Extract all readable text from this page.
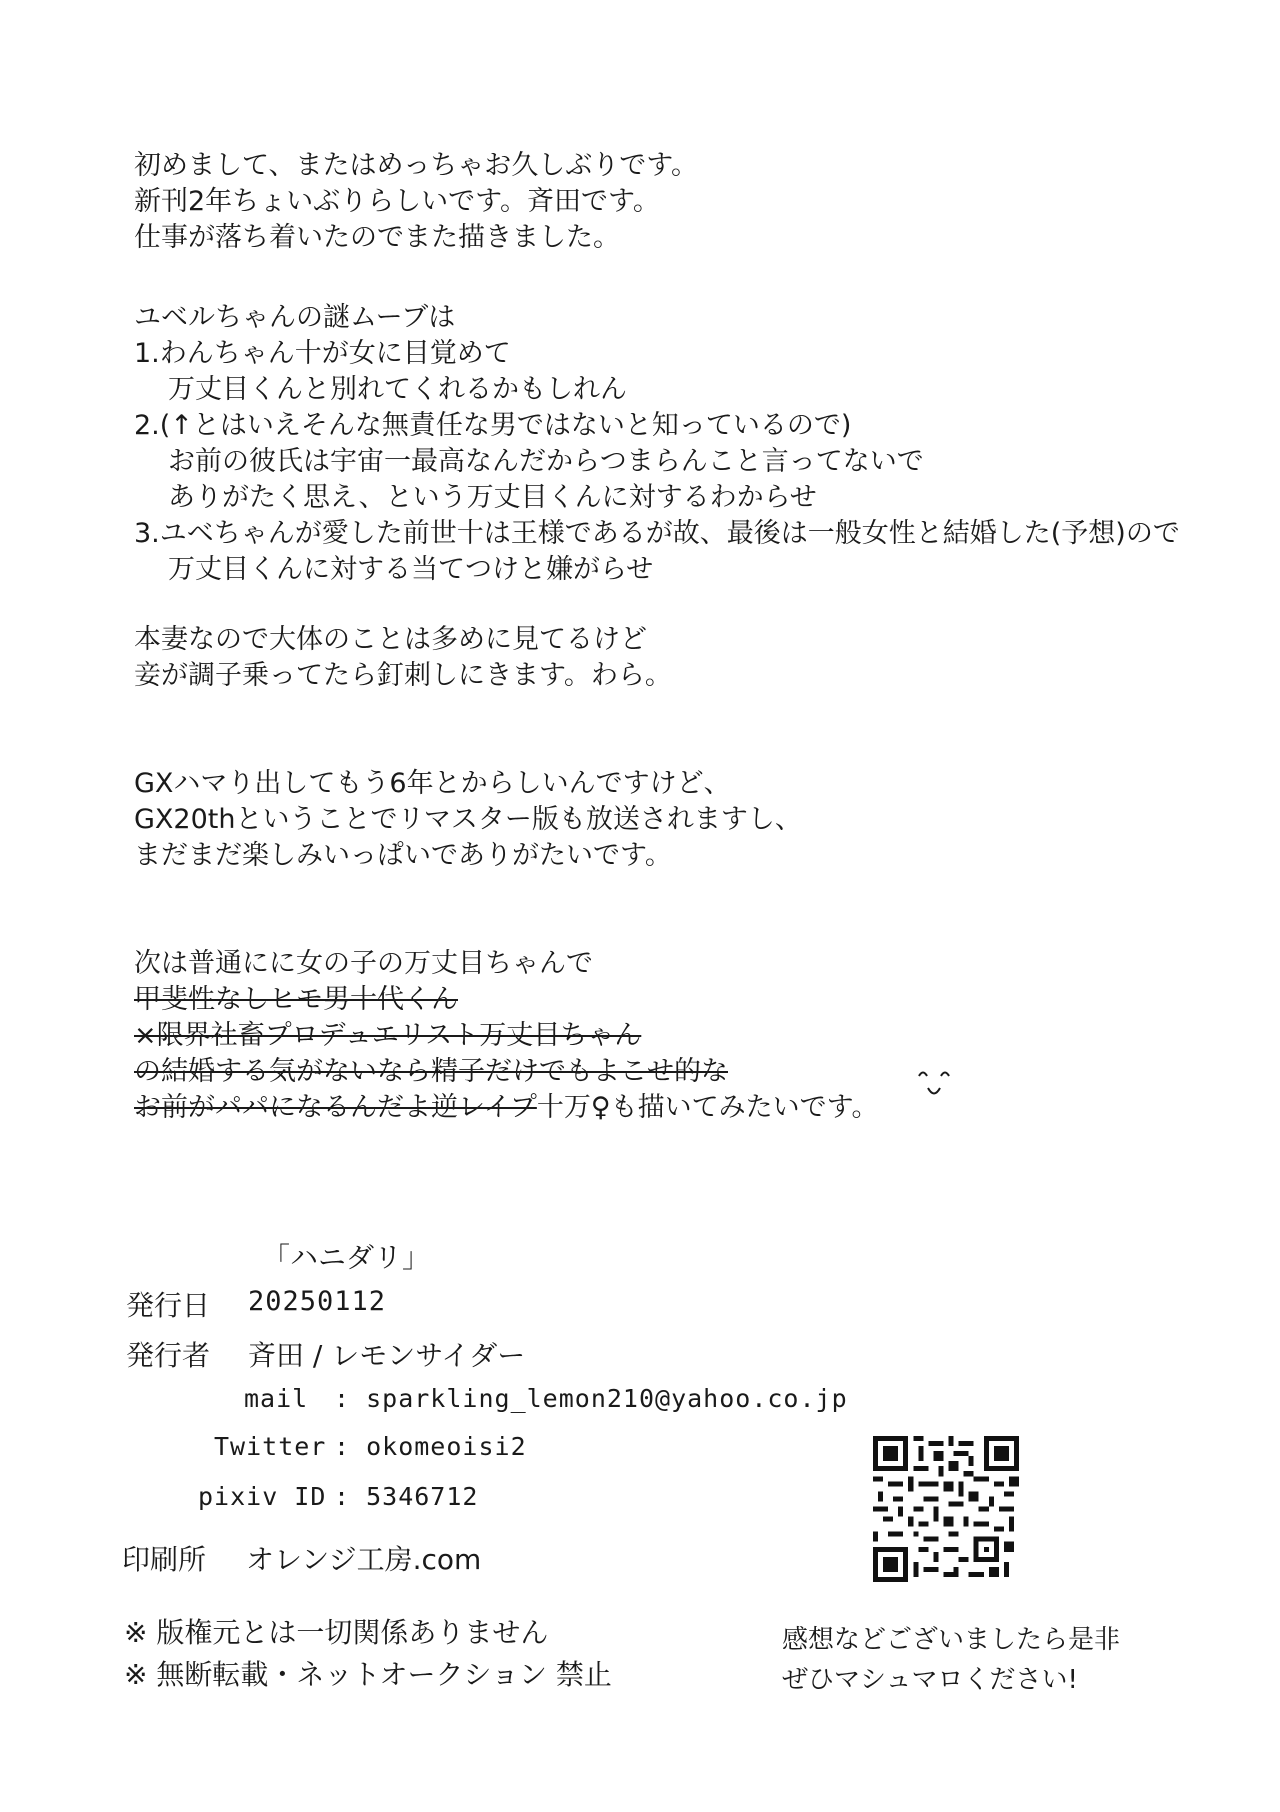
初めまして、またはめっちゃお久しぶりです。
新刊2年ちょいぶりらしいです。斉田です。
仕事が落ち着いたのでまた描きました。
ユベルちゃんの謎ムーブは
1.わんちゃん十が女に目覚めて
万丈目くんと別れてくれるかもしれん
2.(↑とはいえそんな無責任な男ではないと知っているので)
お前の彼氏は宇宙一最高なんだからつまらんこと言ってないで
ありがたく思え、という万丈目くんに対するわからせ
3.ユベちゃんが愛した前世十は王様であるが故、最後は一般女性と結婚した(予想)ので
万丈目くんに対する当てつけと嫌がらせ
本妻なので大体のことは多めに見てるけど
妾が調子乗ってたら釘刺しにきます。わら。
GXハマり出してもう6年とからしいんですけど、
GX20thということでリマスター版も放送されますし、
まだまだ楽しみいっぱいでありがたいです。
次は普通にに女の子の万丈目ちゃんで
甲斐性なしヒモ男十代くん
×限界社畜プロデュエリスト万丈目ちゃん
の結婚する気がないなら精子だけでもよこせ的な
お前がパパになるんだよ逆レイプ十万♀も描いてみたいです。
「ハニダリ」
発行日 20250112
発行者 斉田 / レモンサイダー
mail : sparkling_lemon210@yahoo.co.jp
Twitter : okomeoisi2
pixiv ID : 5346712
印刷所 オレンジ工房.com
※ 版権元とは一切関係ありません
※ 無断転載・ネットオークション 禁止
感想などございましたら是非
ぜひマシュマロください!
